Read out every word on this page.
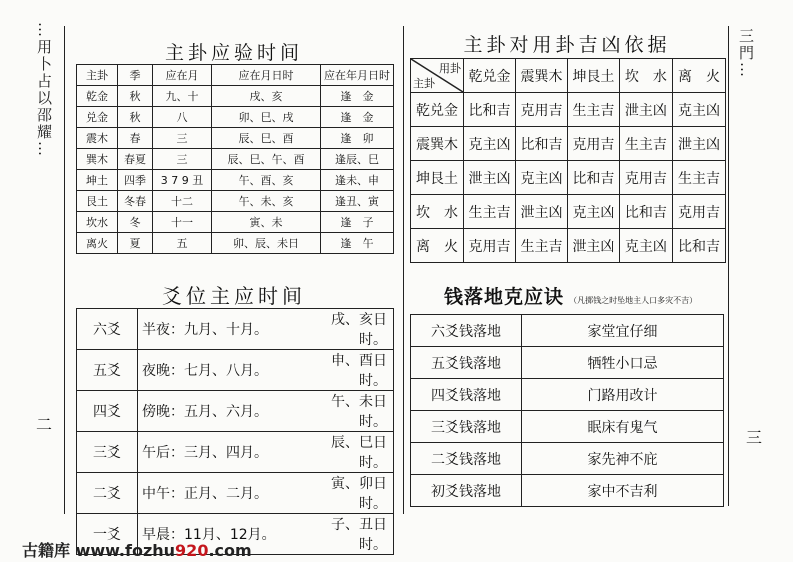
…用卜占以邵耀…
二
三門…
三
主卦应验时间
主卦	季	应在月	应在月日时	应在年月日时
乾金	秋	九、十	戌、亥	逢　金
兑金	秋	八	卯、巳、戌	逢　金
震木	春	三	辰、巳、酉	逢　卯
巽木	春夏	三	辰、巳、午、酉	逢辰、巳
坤土	四季	3 7 9 丑	午、酉、亥	逢未、申
艮土	冬春	十二	午、未、亥	逢丑、寅
坎水	冬	十一	寅、未	逢　子
离火	夏	五	卯、辰、未日	逢　午
爻位主应时间
六爻	半夜：九月、十月。	戌、亥日时。
五爻	夜晚：七月、八月。	申、酉日时。
四爻	傍晚：五月、六月。	午、未日时。
三爻	午后：三月、四月。	辰、巳日时。
二爻	中午：正月、二月。	寅、卯日时。
一爻	早晨：11月、12月。	子、丑日时。
主卦对用卦吉凶依据
用卦
主卦	乾兑金	震巽木	坤艮土	坎　水	离　火
乾兑金	比和吉	克用吉	生主吉	泄主凶	克主凶
震巽木	克主凶	比和吉	克用吉	生主吉	泄主凶
坤艮土	泄主凶	克主凶	比和吉	克用吉	生主吉
坎　水	生主吉	泄主凶	克主凶	比和吉	克用吉
离　火	克用吉	生主吉	泄主凶	克主凶	比和吉
钱落地克应诀 （凡掷钱之时坠地主人口多灾不吉）
六爻钱落地	家堂宜仔细
五爻钱落地	牺牲小口忌
四爻钱落地	门路用改计
三爻钱落地	眠床有鬼气
二爻钱落地	家先神不庇
初爻钱落地	家中不吉利
古籍库 www.fozhu920.com
